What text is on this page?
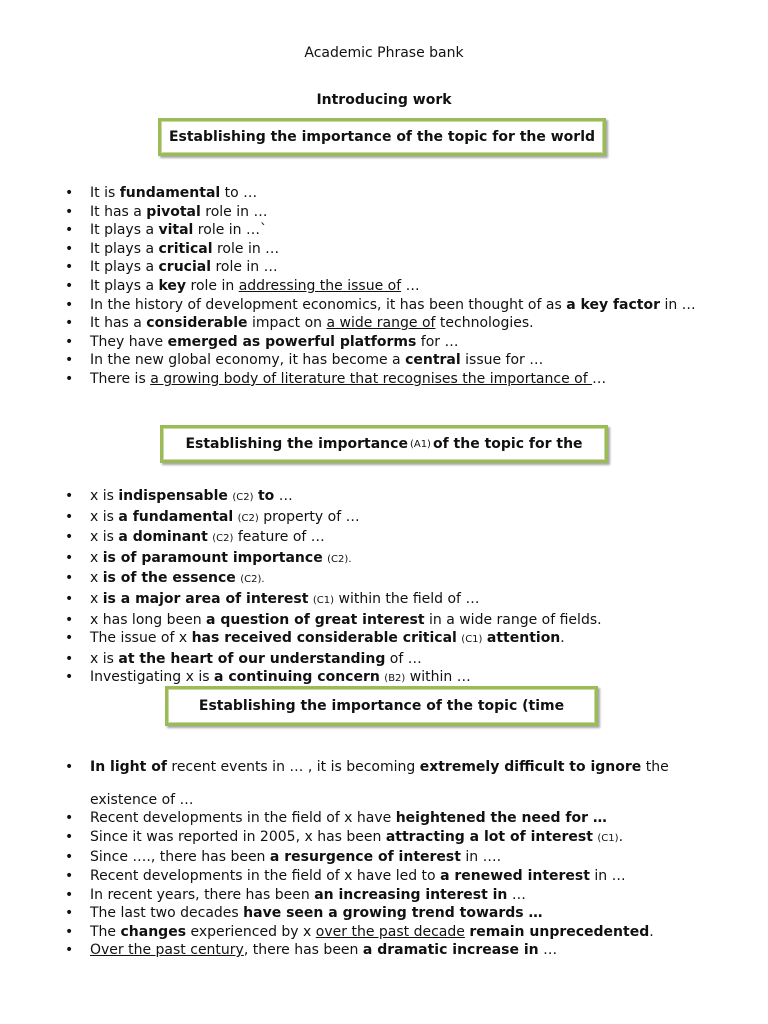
Academic Phrase bank
Introducing work
Establishing the importance of the topic for the world
• It is fundamental to …
• It has a pivotal role in …
• It plays a vital role in …`
• It plays a critical role in …
• It plays a crucial role in …
• It plays a key role in addressing the issue of …
• In the history of development economics, it has been thought of as a key factor in …
• It has a considerable impact on a wide range of technologies.
• They have emerged as powerful platforms for …
• In the new global economy, it has become a central issue for …
• There is a growing body of literature that recognises the importance of …
Establishing the importance (A1) of the topic for the
• x is indispensable (C2) to …
• x is a fundamental (C2) property of …
• x is a dominant (C2) feature of …
• x is of paramount importance (C2).
• x is of the essence (C2).
• x is a major area of interest (C1) within the field of …
• x has long been a question of great interest in a wide range of fields.
• The issue of x has received considerable critical (C1) attention.
• x is at the heart of our understanding of …
• Investigating x is a continuing concern (B2) within …
Establishing the importance of the topic (time
• In light of recent events in … , it is becoming extremely difficult to ignore the
existence of …
• Recent developments in the field of x have heightened the need for …
• Since it was reported in 2005, x has been attracting a lot of interest (C1).
• Since …., there has been a resurgence of interest in ….
• Recent developments in the field of x have led to a renewed interest in …
• In recent years, there has been an increasing interest in …
• The last two decades have seen a growing trend towards …
• The changes experienced by x over the past decade remain unprecedented.
• Over the past century, there has been a dramatic increase in …
